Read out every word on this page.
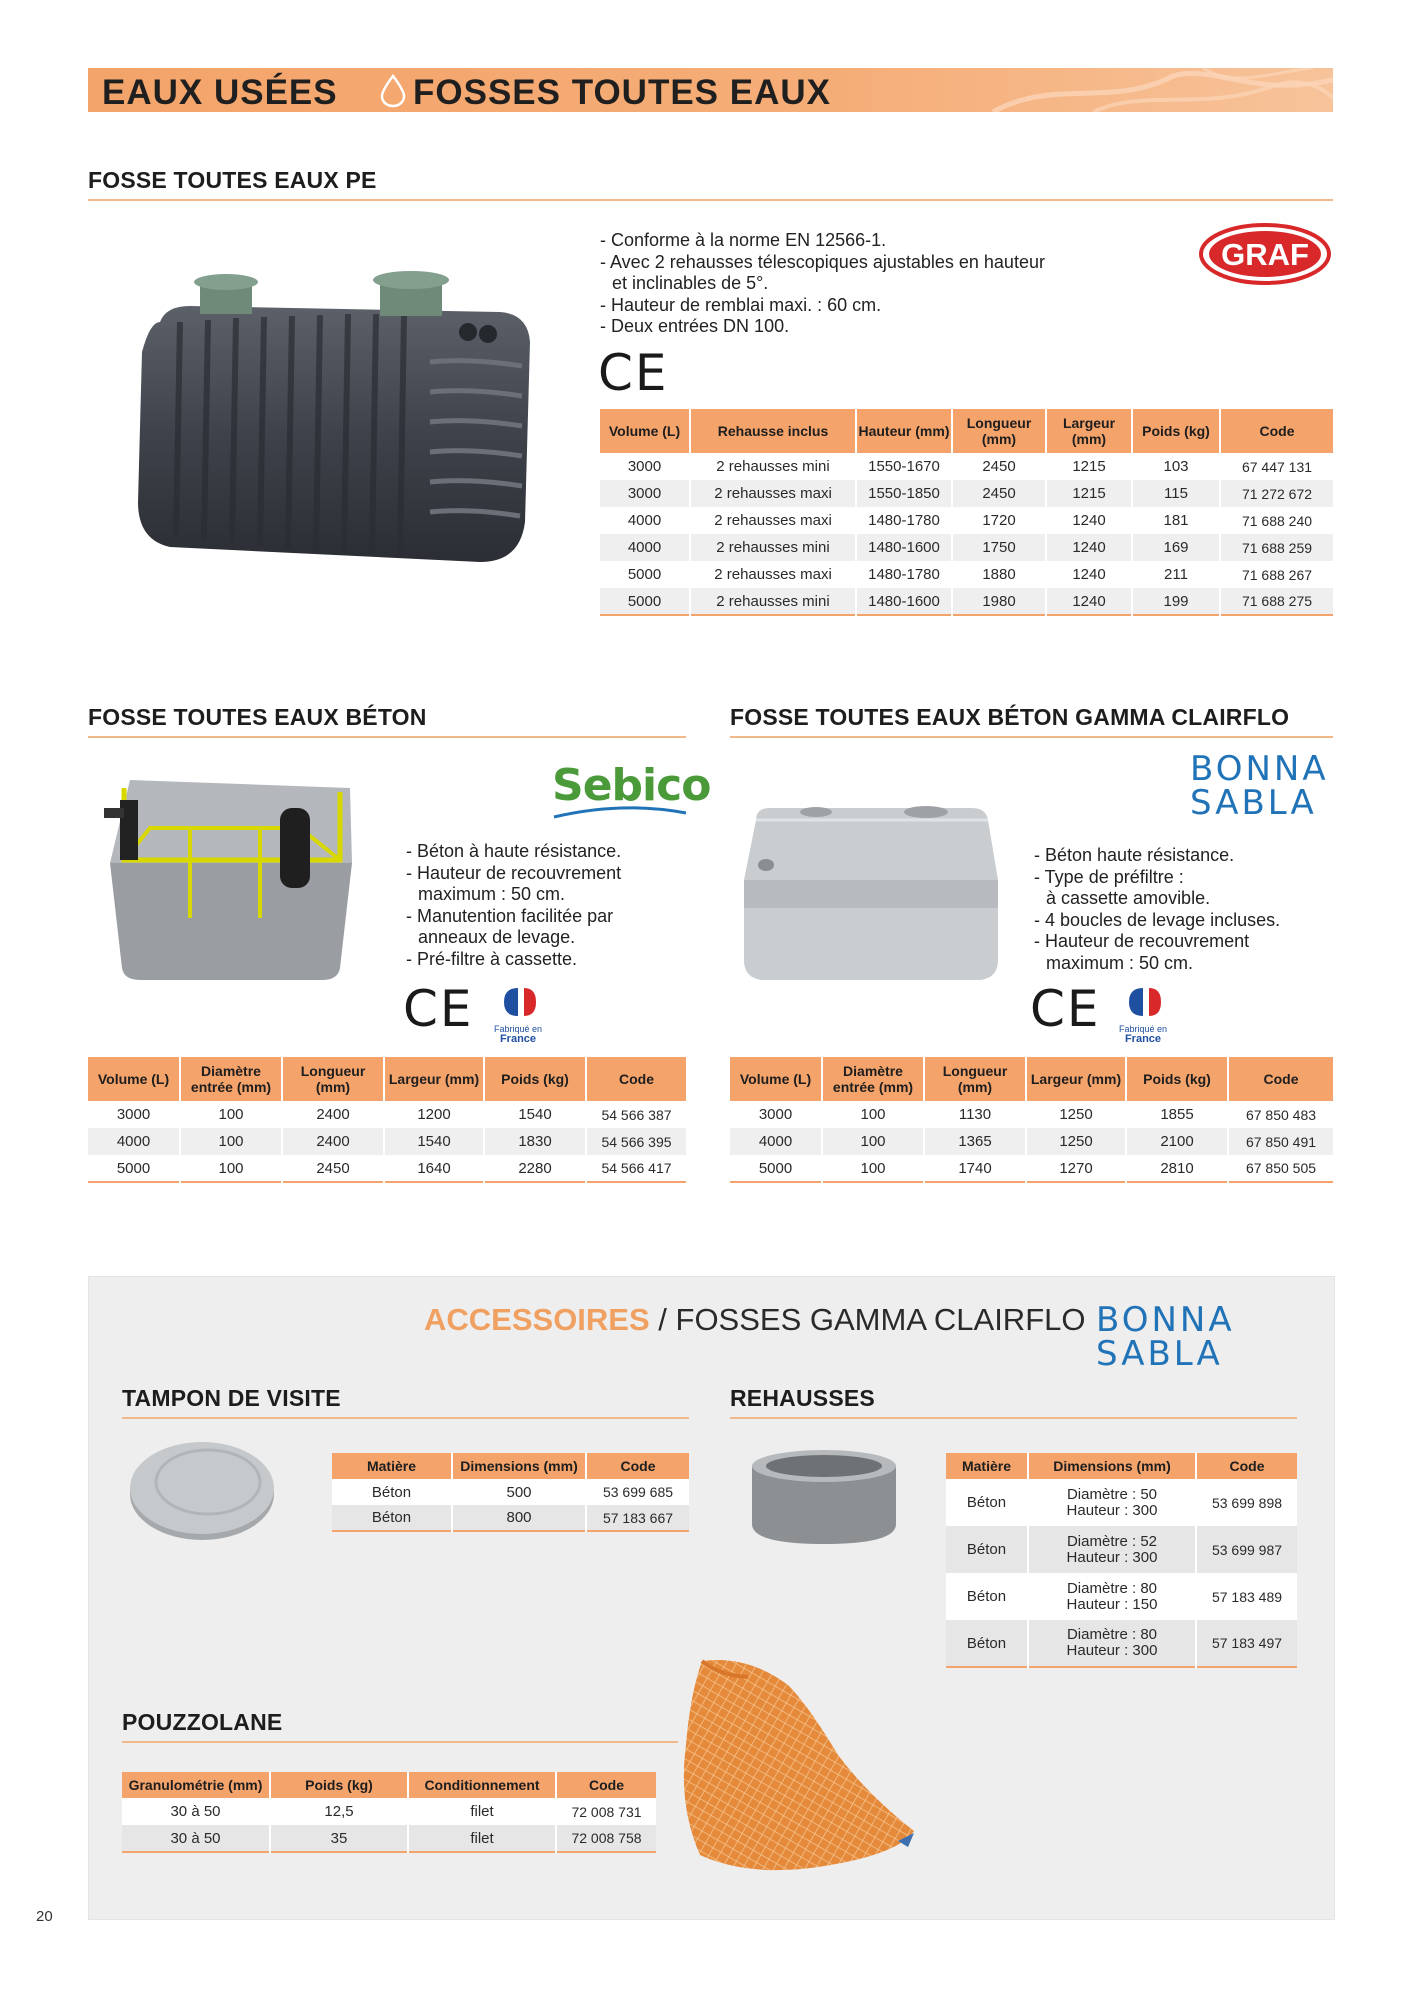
EAUX USÉES FOSSES TOUTES EAUX
FOSSE TOUTES EAUX PE
- Conforme à la norme EN 12566-1.
- Avec 2 rehausses télescopiques ajustables en hauteur
et inclinables de 5°.
- Hauteur de remblai maxi. : 60 cm.
- Deux entrées DN 100.
GRAF
CE
Volume (L)	Rehausse inclus	Hauteur (mm)	Longueur (mm)	Largeur (mm)	Poids (kg)	Code
3000	2 rehausses mini	1550-1670	2450	1215	103	67 447 131
3000	2 rehausses maxi	1550-1850	2450	1215	115	71 272 672
4000	2 rehausses maxi	1480-1780	1720	1240	181	71 688 240
4000	2 rehausses mini	1480-1600	1750	1240	169	71 688 259
5000	2 rehausses maxi	1480-1780	1880	1240	211	71 688 267
5000	2 rehausses mini	1480-1600	1980	1240	199	71 688 275
FOSSE TOUTES EAUX BÉTON
Sebico
- Béton à haute résistance.
- Hauteur de recouvrement
maximum : 50 cm.
- Manutention facilitée par
anneaux de levage.
- Pré-filtre à cassette.
CE	Fabriqué en
France
Volume (L)	Diamètre entrée (mm)	Longueur (mm)	Largeur (mm)	Poids (kg)	Code
3000	100	2400	1200	1540	54 566 387
4000	100	2400	1540	1830	54 566 395
5000	100	2450	1640	2280	54 566 417
FOSSE TOUTES EAUX BÉTON GAMMA CLAIRFLO
BONNA
SABLA
- Béton haute résistance.
- Type de préfiltre :
à cassette amovible.
- 4 boucles de levage incluses.
- Hauteur de recouvrement
maximum : 50 cm.
CE	Fabriqué en
France
Volume (L)	Diamètre entrée (mm)	Longueur (mm)	Largeur (mm)	Poids (kg)	Code
3000	100	1130	1250	1855	67 850 483
4000	100	1365	1250	2100	67 850 491
5000	100	1740	1270	2810	67 850 505
ACCESSOIRES / FOSSES GAMMA CLAIRFLO BONNA
SABLA
TAMPON DE VISITE
Matière	Dimensions (mm)	Code
Béton	500	53 699 685
Béton	800	57 183 667
REHAUSSES
Matière	Dimensions (mm)	Code
Béton	Diamètre : 50
Hauteur : 300	53 699 898
Béton	Diamètre : 52
Hauteur : 300	53 699 987
Béton	Diamètre : 80
Hauteur : 150	57 183 489
Béton	Diamètre : 80
Hauteur : 300	57 183 497
POUZZOLANE
Granulométrie (mm)	Poids (kg)	Conditionnement	Code
30 à 50	12,5	filet	72 008 731
30 à 50	35	filet	72 008 758
20
